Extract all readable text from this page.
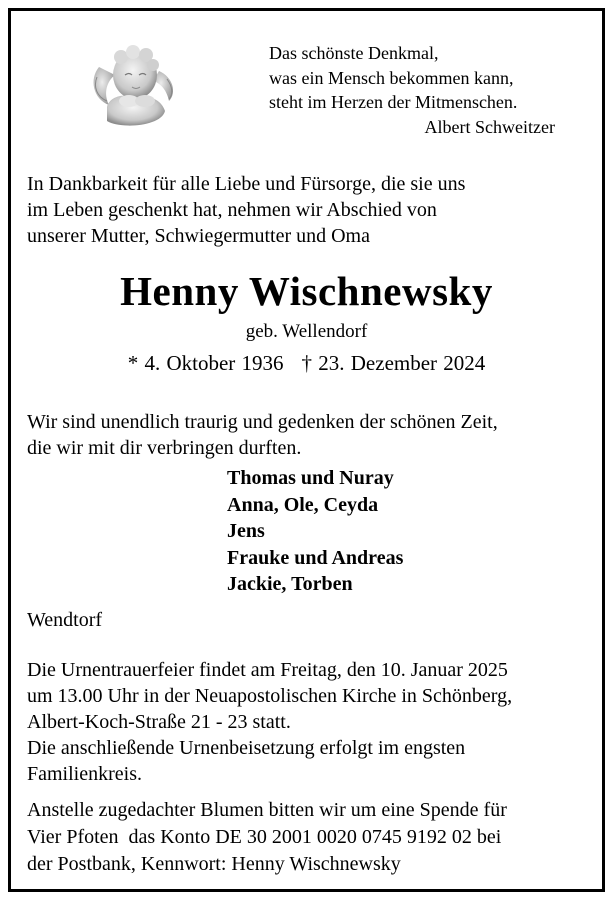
Das schönste Denkmal,
was ein Mensch bekommen kann,
steht im Herzen der Mitmenschen.
Albert Schweitzer
In Dankbarkeit für alle Liebe und Fürsorge, die sie uns
im Leben geschenkt hat, nehmen wir Abschied von
unserer Mutter, Schwiegermutter und Oma
Henny Wischnewsky
geb. Wellendorf
* 4. Oktober 1936 † 23. Dezember 2024
Wir sind unendlich traurig und gedenken der schönen Zeit,
die wir mit dir verbringen durften.
Thomas und Nuray
Anna, Ole, Ceyda
Jens
Frauke und Andreas
Jackie, Torben
Wendtorf
Die Urnentrauerfeier findet am Freitag, den 10. Januar 2025
um 13.00 Uhr in der Neuapostolischen Kirche in Schönberg,
Albert-Koch-Straße 21 - 23 statt.
Die anschließende Urnenbeisetzung erfolgt im engsten
Familienkreis.
Anstelle zugedachter Blumen bitten wir um eine Spende für
Vier Pfoten  das Konto DE 30 2001 0020 0745 9192 02 bei
der Postbank, Kennwort: Henny Wischnewsky
